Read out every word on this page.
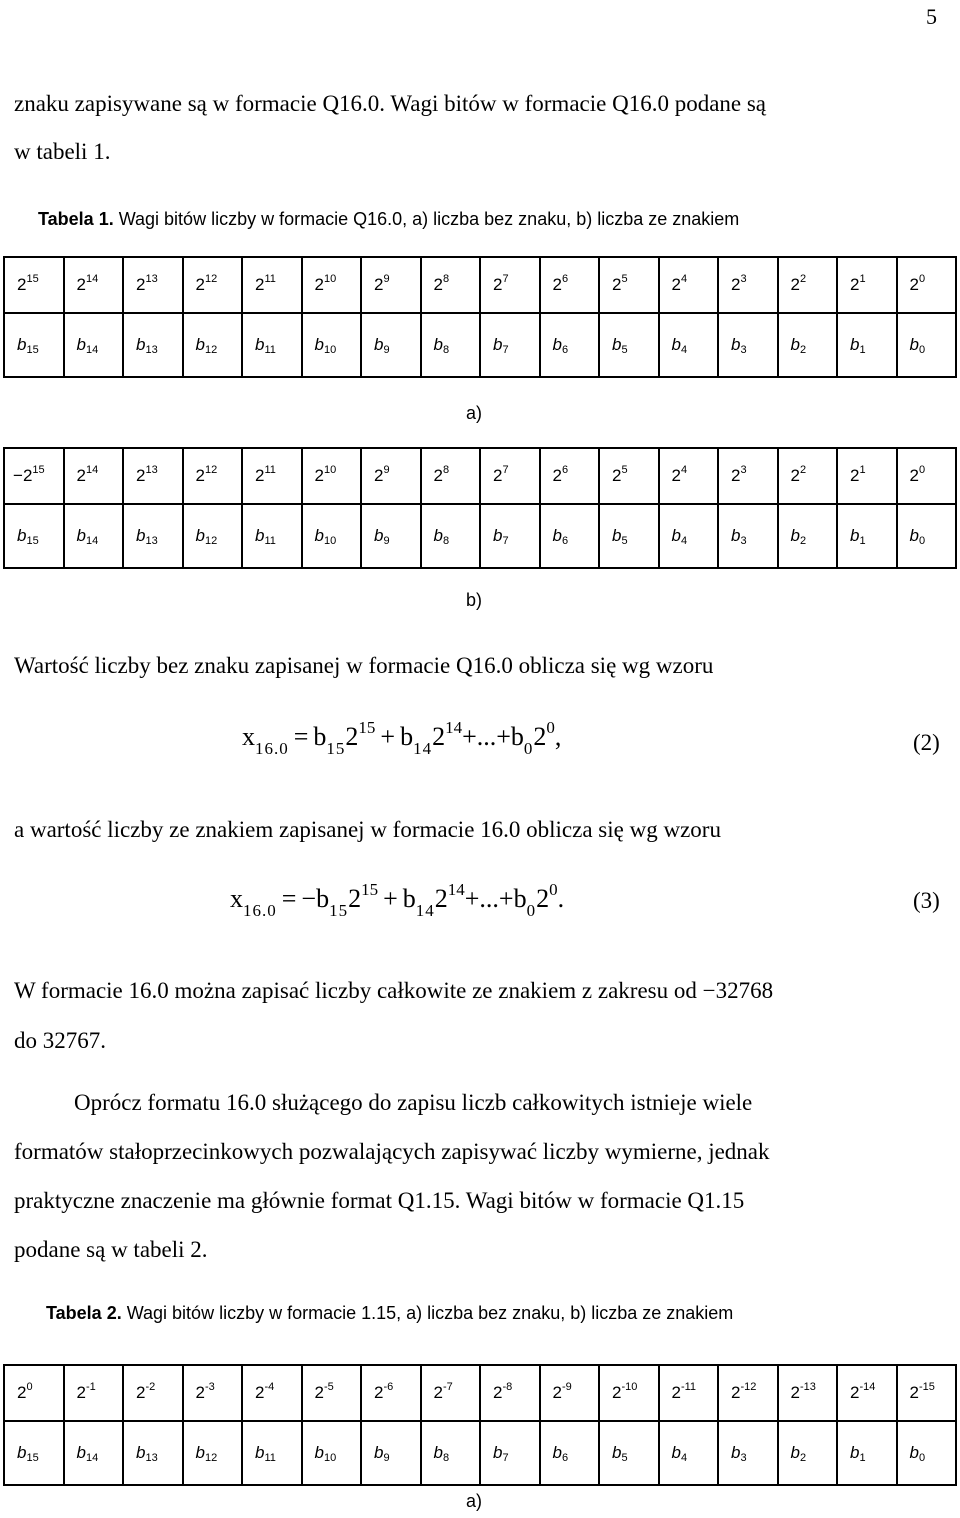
5
znaku zapisywane są w formacie Q16.0. Wagi bitów w formacie Q16.0 podane są
w tabeli 1.
Tabela 1. Wagi bitów liczby w formacie Q16.0, a) liczba bez znaku, b) liczba ze znakiem
$2^{15}$	$2^{14}$	$2^{13}$	$2^{12}$	$2^{11}$	$2^{10}$	$2^9$	$2^8$	$2^7$	$2^6$	$2^5$	$2^4$	$2^3$	$2^2$	$2^1$	$2^0$
$b_{15}$	$b_{14}$	$b_{13}$	$b_{12}$	$b_{11}$	$b_{10}$	$b_9$	$b_8$	$b_7$	$b_6$	$b_5$	$b_4$	$b_3$	$b_2$	$b_1$	$b_0$
a)
$-2^{15}$	$2^{14}$	$2^{13}$	$2^{12}$	$2^{11}$	$2^{10}$	$2^9$	$2^8$	$2^7$	$2^6$	$2^5$	$2^4$	$2^3$	$2^2$	$2^1$	$2^0$
$b_{15}$	$b_{14}$	$b_{13}$	$b_{12}$	$b_{11}$	$b_{10}$	$b_9$	$b_8$	$b_7$	$b_6$	$b_5$	$b_4$	$b_3$	$b_2$	$b_1$	$b_0$
b)
Wartość liczby bez znaku zapisanej w formacie Q16.0 oblicza się wg wzoru
$x_{16.0} = b_{15}2^{15} + b_{14}2^{14}+...+b_02^0$,	(2)
a wartość liczby ze znakiem zapisanej w formacie 16.0 oblicza się wg wzoru
$x_{16.0} = -b_{15}2^{15} + b_{14}2^{14}+...+b_02^0$.	(3)
W formacie 16.0 można zapisać liczby całkowite ze znakiem z zakresu od −32768
do 32767.
Oprócz formatu 16.0 służącego do zapisu liczb całkowitych istnieje wiele
formatów stałoprzecinkowych pozwalających zapisywać liczby wymierne, jednak
praktyczne znaczenie ma głównie format Q1.15. Wagi bitów w formacie Q1.15
podane są w tabeli 2.
Tabela 2. Wagi bitów liczby w formacie 1.15, a) liczba bez znaku, b) liczba ze znakiem
$2^0$	$2^{-1}$	$2^{-2}$	$2^{-3}$	$2^{-4}$	$2^{-5}$	$2^{-6}$	$2^{-7}$	$2^{-8}$	$2^{-9}$	$2^{-10}$	$2^{-11}$	$2^{-12}$	$2^{-13}$	$2^{-14}$	$2^{-15}$
$b_{15}$	$b_{14}$	$b_{13}$	$b_{12}$	$b_{11}$	$b_{10}$	$b_9$	$b_8$	$b_7$	$b_6$	$b_5$	$b_4$	$b_3$	$b_2$	$b_1$	$b_0$
a)
